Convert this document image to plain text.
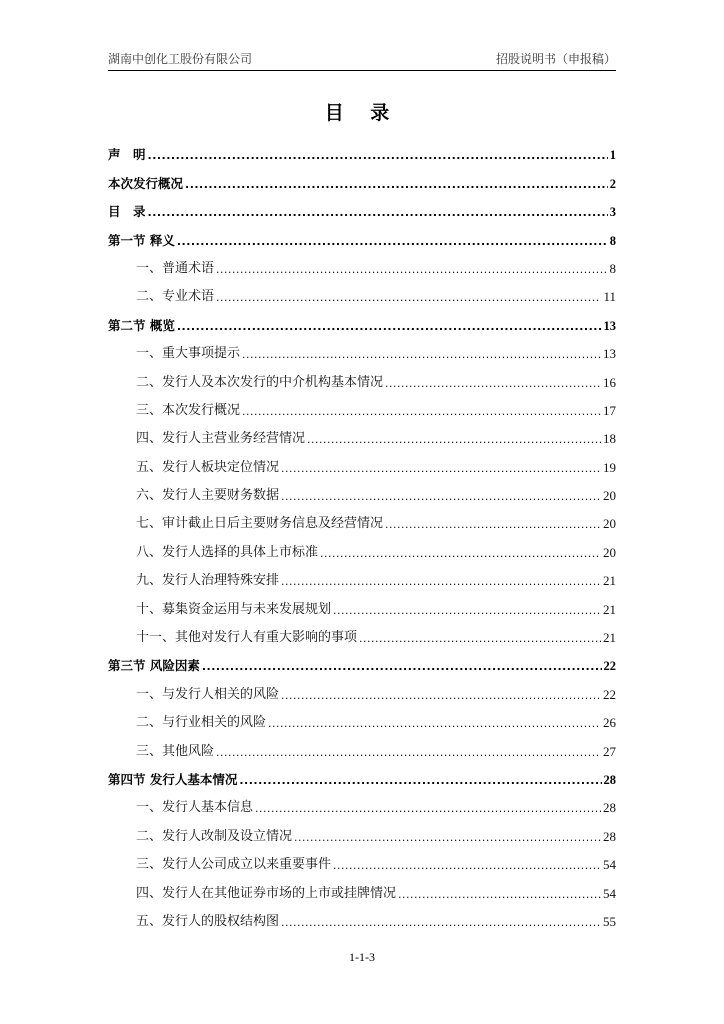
湖南中创化工股份有限公司	招股说明书（申报稿）
目 录
声　明 .....	1
本次发行概况 .....	2
目　录 .....	3
第一节 释义 .....	8
一、普通术语 .....	8
二、专业术语 .....	11
第二节 概览 .....	13
一、重大事项提示 .....	13
二、发行人及本次发行的中介机构基本情况 .....	16
三、本次发行概况 .....	17
四、发行人主营业务经营情况 .....	18
五、发行人板块定位情况 .....	19
六、发行人主要财务数据 .....	20
七、审计截止日后主要财务信息及经营情况 .....	20
八、发行人选择的具体上市标准 .....	20
九、发行人治理特殊安排 .....	21
十、募集资金运用与未来发展规划 .....	21
十一、其他对发行人有重大影响的事项 .....	21
第三节 风险因素 .....	22
一、与发行人相关的风险 .....	22
二、与行业相关的风险 .....	26
三、其他风险 .....	27
第四节 发行人基本情况 .....	28
一、发行人基本信息 .....	28
二、发行人改制及设立情况 .....	28
三、发行人公司成立以来重要事件 .....	54
四、发行人在其他证券市场的上市或挂牌情况 .....	54
五、发行人的股权结构图 .....	55
1-1-3
